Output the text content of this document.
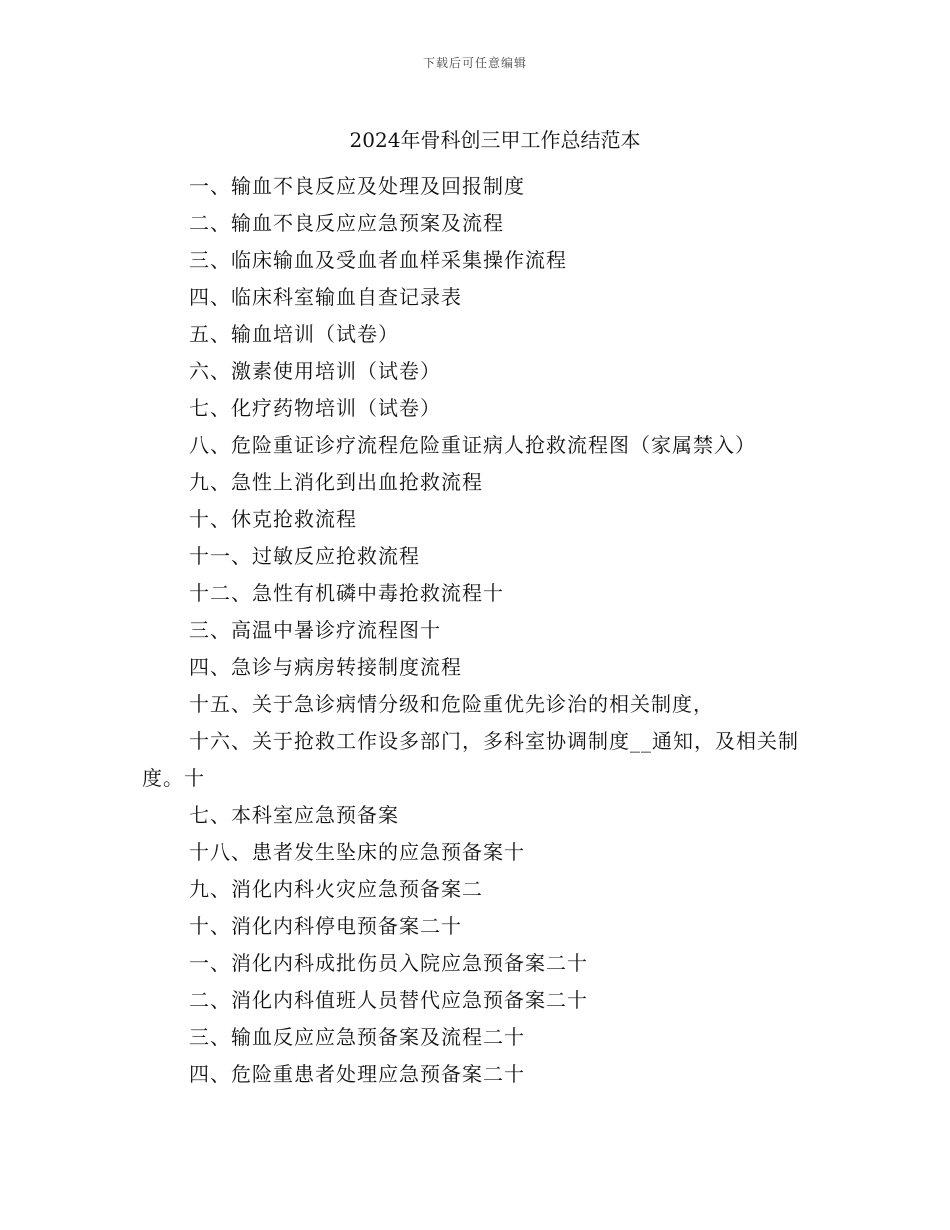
下载后可任意编辑
2024年骨科创三甲工作总结范本
一、输血不良反应及处理及回报制度
二、输血不良反应应急预案及流程
三、临床输血及受血者血样采集操作流程
四、临床科室输血自查记录表
五、输血培训（试卷）
六、激素使用培训（试卷）
七、化疗药物培训（试卷）
八、危险重证诊疗流程危险重证病人抢救流程图（家属禁入）
九、急性上消化到出血抢救流程
十、休克抢救流程
十一、过敏反应抢救流程
十二、急性有机磷中毒抢救流程十
三、高温中暑诊疗流程图十
四、急诊与病房转接制度流程
十五、关于急诊病情分级和危险重优先诊治的相关制度，
十六、关于抢救工作设多部门，多科室协调制度__通知，及相关制度。十
七、本科室应急预备案
十八、患者发生坠床的应急预备案十
九、消化内科火灾应急预备案二
十、消化内科停电预备案二十
一、消化内科成批伤员入院应急预备案二十
二、消化内科值班人员替代应急预备案二十
三、输血反应应急预备案及流程二十
四、危险重患者处理应急预备案二十
